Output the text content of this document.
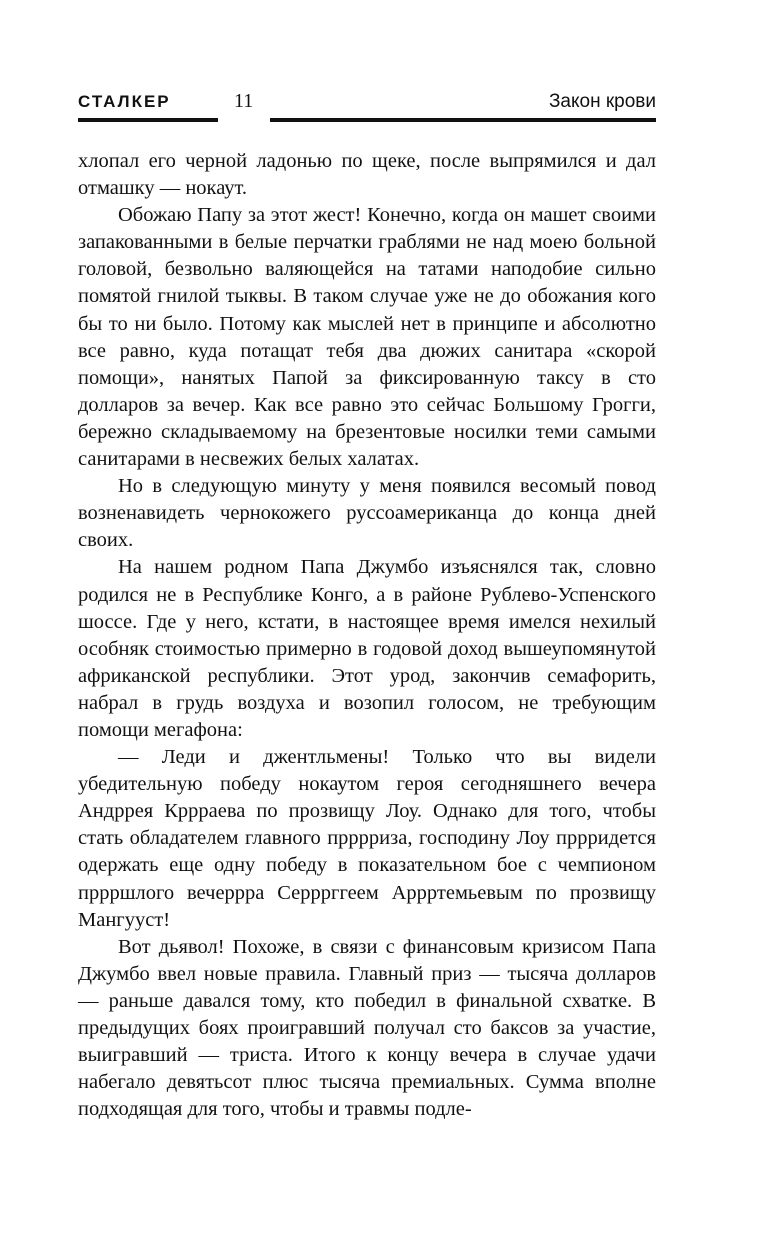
СТАЛКЕР	11	Закон крови

хлопал его черной ладонью по щеке, после выпрямился и дал отмашку — нокаут.

Обожаю Папу за этот жест! Конечно, когда он машет своими запакованными в белые перчатки граблями не над моею больной головой, безвольно валяющейся на татами наподобие сильно помятой гнилой тыквы. В таком случае уже не до обожания кого бы то ни было. Потому как мыслей нет в принципе и абсолютно все равно, куда потащат тебя два дюжих санитара «скорой помощи», нанятых Папой за фиксированную таксу в сто долларов за вечер. Как все равно это сейчас Большому Грогги, бережно складываемому на брезентовые носилки теми самыми санитарами в несвежих белых халатах.

Но в следующую минуту у меня появился весомый повод возненавидеть чернокожего руссоамериканца до конца дней своих.

На нашем родном Папа Джумбо изъяснялся так, словно родился не в Республике Конго, а в районе Рублево-Успенского шоссе. Где у него, кстати, в настоящее время имелся нехилый особняк стоимостью примерно в годовой доход вышеупомянутой африканской республики. Этот урод, закончив семафорить, набрал в грудь воздуха и возопил голосом, не требующим помощи мегафона:

— Леди и джентльмены! Только что вы видели убедительную победу нокаутом героя сегодняшнего вечера Андррея Кррраева по прозвищу Лоу. Однако для того, чтобы стать обладателем главного прррриза, господину Лоу пррридется одержать еще одну победу в показательном бое с чемпионом пррршлого вечеррра Серррггеем Аррртемьевым по прозвищу Мангууст!

Вот дьявол! Похоже, в связи с финансовым кризисом Папа Джумбо ввел новые правила. Главный приз — тысяча долларов — раньше давался тому, кто победил в финальной схватке. В предыдущих боях проигравший получал сто баксов за участие, выигравший — триста. Итого к концу вечера в случае удачи набегало девятьсот плюс тысяча премиальных. Сумма вполне подходящая для того, чтобы и травмы подле-
